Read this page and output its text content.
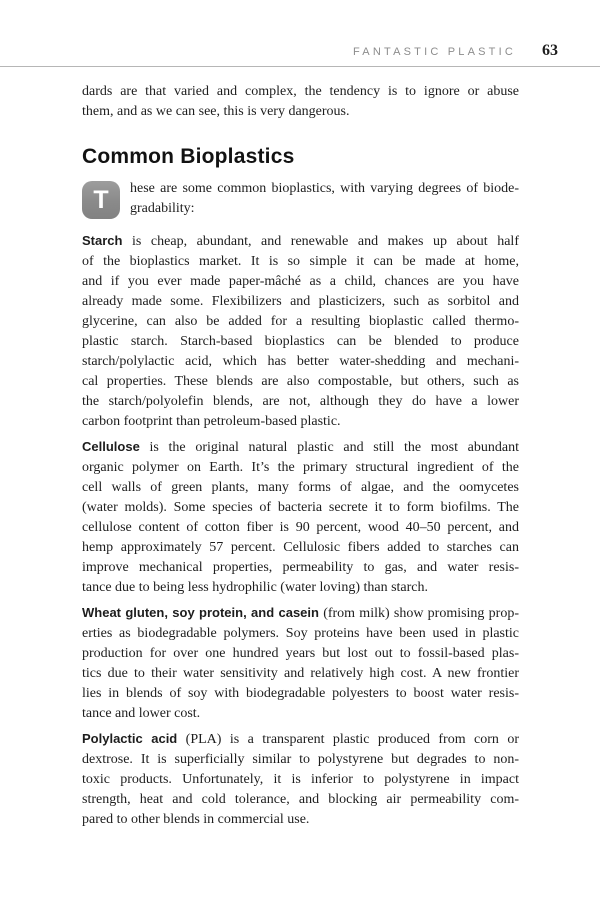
FANTASTIC PLASTIC 63
dards are that varied and complex, the tendency is to ignore or abuse
them, and as we can see, this is very dangerous.
Common Bioplastics
T hese are some common bioplastics, with varying degrees of biode-
gradability:
Starch is cheap, abundant, and renewable and makes up about half
of the bioplastics market. It is so simple it can be made at home,
and if you ever made paper-mâché as a child, chances are you have
already made some. Flexibilizers and plasticizers, such as sorbitol and
glycerine, can also be added for a resulting bioplastic called thermo-
plastic starch. Starch-based bioplastics can be blended to produce
starch/polylactic acid, which has better water-shedding and mechani-
cal properties. These blends are also compostable, but others, such as
the starch/polyolefin blends, are not, although they do have a lower
carbon footprint than petroleum-based plastic.
Cellulose is the original natural plastic and still the most abundant
organic polymer on Earth. It’s the primary structural ingredient of the
cell walls of green plants, many forms of algae, and the oomycetes
(water molds). Some species of bacteria secrete it to form biofilms. The
cellulose content of cotton fiber is 90 percent, wood 40–50 percent, and
hemp approximately 57 percent. Cellulosic fibers added to starches can
improve mechanical properties, permeability to gas, and water resis-
tance due to being less hydrophilic (water loving) than starch.
Wheat gluten, soy protein, and casein (from milk) show promising prop-
erties as biodegradable polymers. Soy proteins have been used in plastic
production for over one hundred years but lost out to fossil-based plas-
tics due to their water sensitivity and relatively high cost. A new frontier
lies in blends of soy with biodegradable polyesters to boost water resis-
tance and lower cost.
Polylactic acid (PLA) is a transparent plastic produced from corn or
dextrose. It is superficially similar to polystyrene but degrades to non-
toxic products. Unfortunately, it is inferior to polystyrene in impact
strength, heat and cold tolerance, and blocking air permeability com-
pared to other blends in commercial use.
